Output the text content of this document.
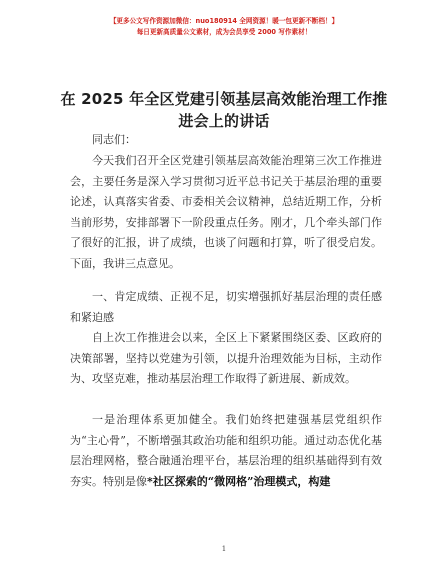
【更多公文写作资源加微信：nuo180914 全网资源！暖一包更新不断档！】
每日更新高质量公文素材，成为会员享受 2000 写作素材！
在 2025 年全区党建引领基层高效能治理工作推
进会上的讲话

同志们：

今天我们召开全区党建引领基层高效能治理第三次工作推进会，主要任务是深入学习贯彻习近平总书记关于基层治理的重要论述，认真落实省委、市委相关会议精神，总结近期工作，分析当前形势，安排部署下一阶段重点任务。刚才，几个牵头部门作了很好的汇报，讲了成绩，也谈了问题和打算，听了很受启发。下面，我讲三点意见。

一、肯定成绩、正视不足，切实增强抓好基层治理的责任感和紧迫感

自上次工作推进会以来，全区上下紧紧围绕区委、区政府的决策部署，坚持以党建为引领，以提升治理效能为目标，主动作为、攻坚克难，推动基层治理工作取得了新进展、新成效。

一是治理体系更加健全。我们始终把建强基层党组织作为“主心骨”，不断增强其政治功能和组织功能。通过动态优化基层治理网格，整合融通治理平台，基层治理的组织基础得到有效夯实。特别是像*社区探索的“微网格”治理模式，构建

1
